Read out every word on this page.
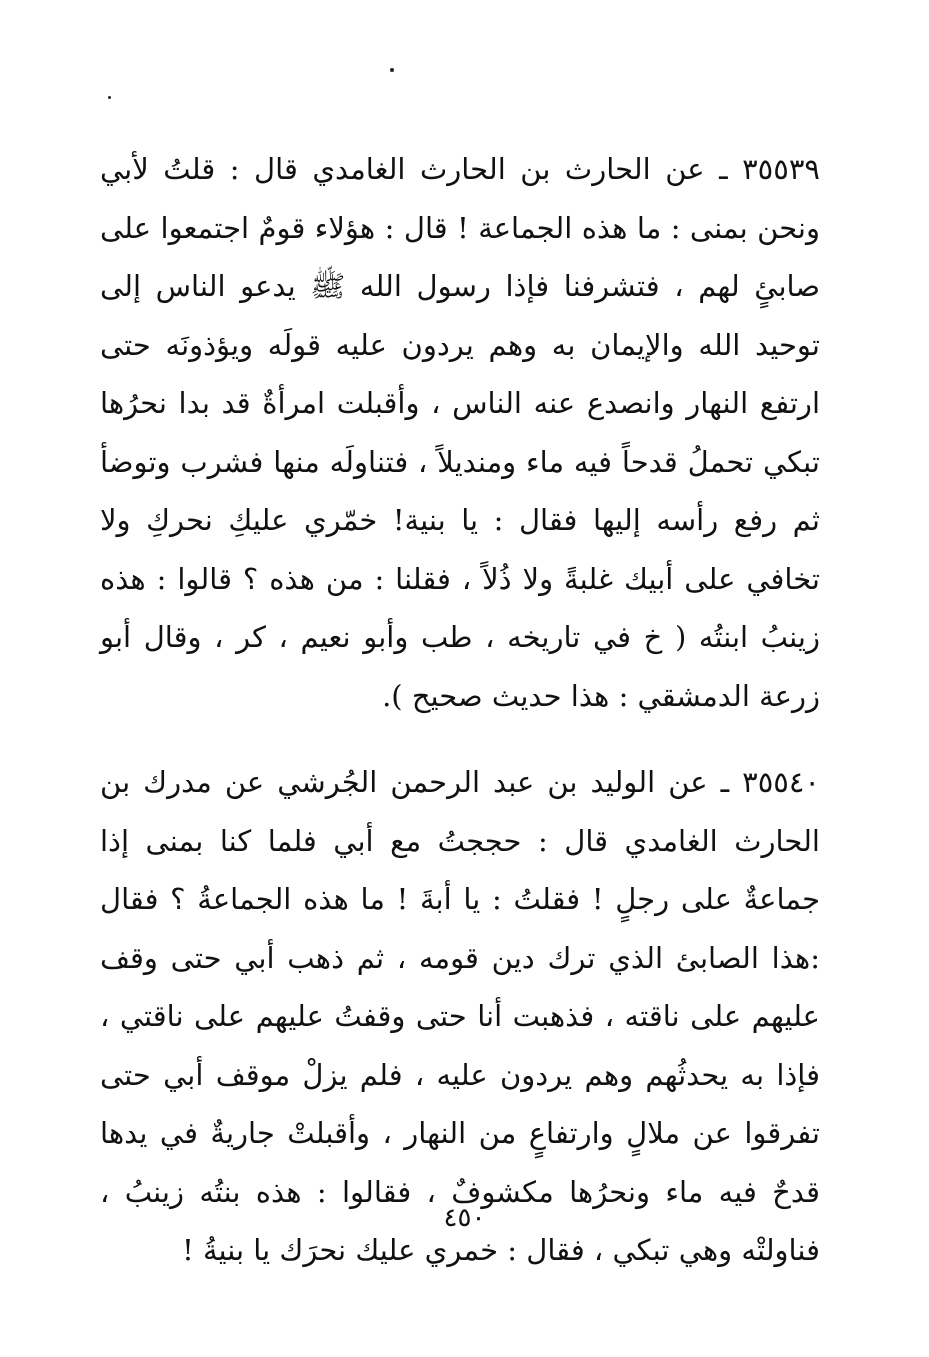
٣٥٥٣٩ ـ عن الحارث بن الحارث الغامدي قال : قلتُ لأبي ونحن بمنى : ما هذه الجماعة ! قال : هؤلاء قومٌ اجتمعوا على صابئٍ لهم ، فتشرفنا فإذا رسول الله ﷺ يدعو الناس إلى توحيد الله والإيمان به وهم يردون عليه قولَه ويؤذونَه حتى ارتفع النهار وانصدع عنه الناس ، وأقبلت امرأةٌ قد بدا نحرُها تبكي تحملُ قدحاً فيه ماء ومنديلاً ، فتناولَه منها فشرب وتوضأ ثم رفع رأسه إليها فقال : يا بنية! خمّري عليكِ نحركِ ولا تخافي على أبيك غلبةً ولا ذُلاً ، فقلنا : من هذه ؟ قالوا : هذه زينبُ ابنتُه ( خ في تاريخه ، طب وأبو نعيم ، كر ، وقال أبو زرعة الدمشقي : هذا حديث صحيح ).

٣٥٥٤٠ ـ عن الوليد بن عبد الرحمن الجُرشي عن مدرك بن الحارث الغامدي قال : حججتُ مع أبي فلما كنا بمنى إذا جماعةٌ على رجلٍ ! فقلتُ : يا أبةَ ! ما هذه الجماعةُ ؟ فقال :هذا الصابئ الذي ترك دين قومه ، ثم ذهب أبي حتى وقف عليهم على ناقته ، فذهبت أنا حتى وقفتُ عليهم على ناقتي ، فإذا به يحدثُهم وهم يردون عليه ، فلم يزلْ موقف أبي حتى تفرقوا عن ملالٍ وارتفاعٍ من النهار ، وأقبلتْ جاريةٌ في يدها قدحٌ فيه ماء ونحرُها مكشوفٌ ، فقالوا : هذه بنتُه زينبُ ، فناولتْه وهي تبكي ، فقال : خمري عليك نحرَك يا بنيةُ !

٤٥٠
